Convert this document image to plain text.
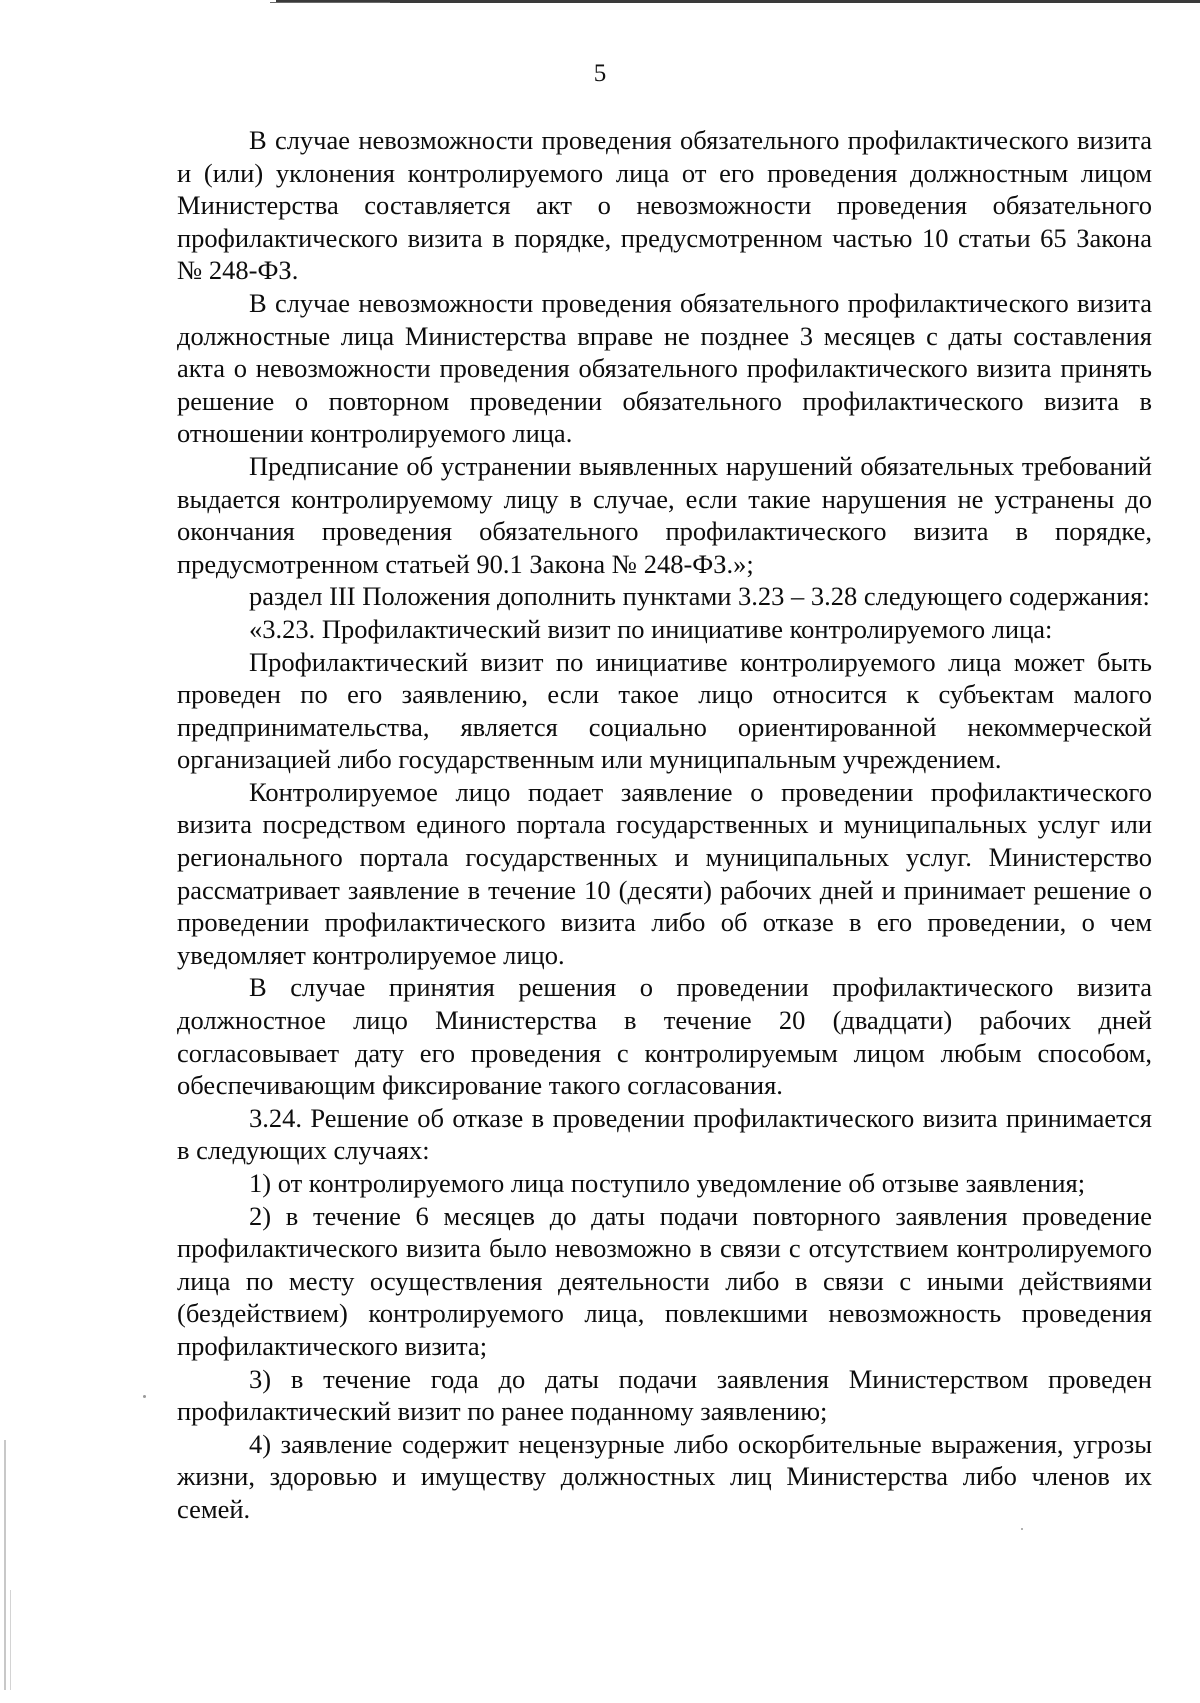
5

В случае невозможности проведения обязательного профилактического визита и (или) уклонения контролируемого лица от его проведения должностным лицом Министерства составляется акт о невозможности проведения обязательного профилактического визита в порядке, предусмотренном частью 10 статьи 65 Закона № 248-ФЗ.

В случае невозможности проведения обязательного профилактического визита должностные лица Министерства вправе не позднее 3 месяцев с даты составления акта о невозможности проведения обязательного профилактического визита принять решение о повторном проведении обязательного профилактического визита в отношении контролируемого лица.

Предписание об устранении выявленных нарушений обязательных требований выдается контролируемому лицу в случае, если такие нарушения не устранены до окончания проведения обязательного профилактического визита в порядке, предусмотренном статьей 90.1 Закона № 248-ФЗ.»;

раздел III Положения дополнить пунктами 3.23 – 3.28 следующего содержания:

«3.23. Профилактический визит по инициативе контролируемого лица:

Профилактический визит по инициативе контролируемого лица может быть проведен по его заявлению, если такое лицо относится к субъектам малого предпринимательства, является социально ориентированной некоммерческой организацией либо государственным или муниципальным учреждением.

Контролируемое лицо подает заявление о проведении профилактического визита посредством единого портала государственных и муниципальных услуг или регионального портала государственных и муниципальных услуг. Министерство рассматривает заявление в течение 10 (десяти) рабочих дней и принимает решение о проведении профилактического визита либо об отказе в его проведении, о чем уведомляет контролируемое лицо.

В случае принятия решения о проведении профилактического визита должностное лицо Министерства в течение 20 (двадцати) рабочих дней согласовывает дату его проведения с контролируемым лицом любым способом, обеспечивающим фиксирование такого согласования.

3.24. Решение об отказе в проведении профилактического визита принимается в следующих случаях:

1) от контролируемого лица поступило уведомление об отзыве заявления;

2) в течение 6 месяцев до даты подачи повторного заявления проведение профилактического визита было невозможно в связи с отсутствием контролируемого лица по месту осуществления деятельности либо в связи с иными действиями (бездействием) контролируемого лица, повлекшими невозможность проведения профилактического визита;

3) в течение года до даты подачи заявления Министерством проведен профилактический визит по ранее поданному заявлению;

4) заявление содержит нецензурные либо оскорбительные выражения, угрозы жизни, здоровью и имуществу должностных лиц Министерства либо членов их семей.
